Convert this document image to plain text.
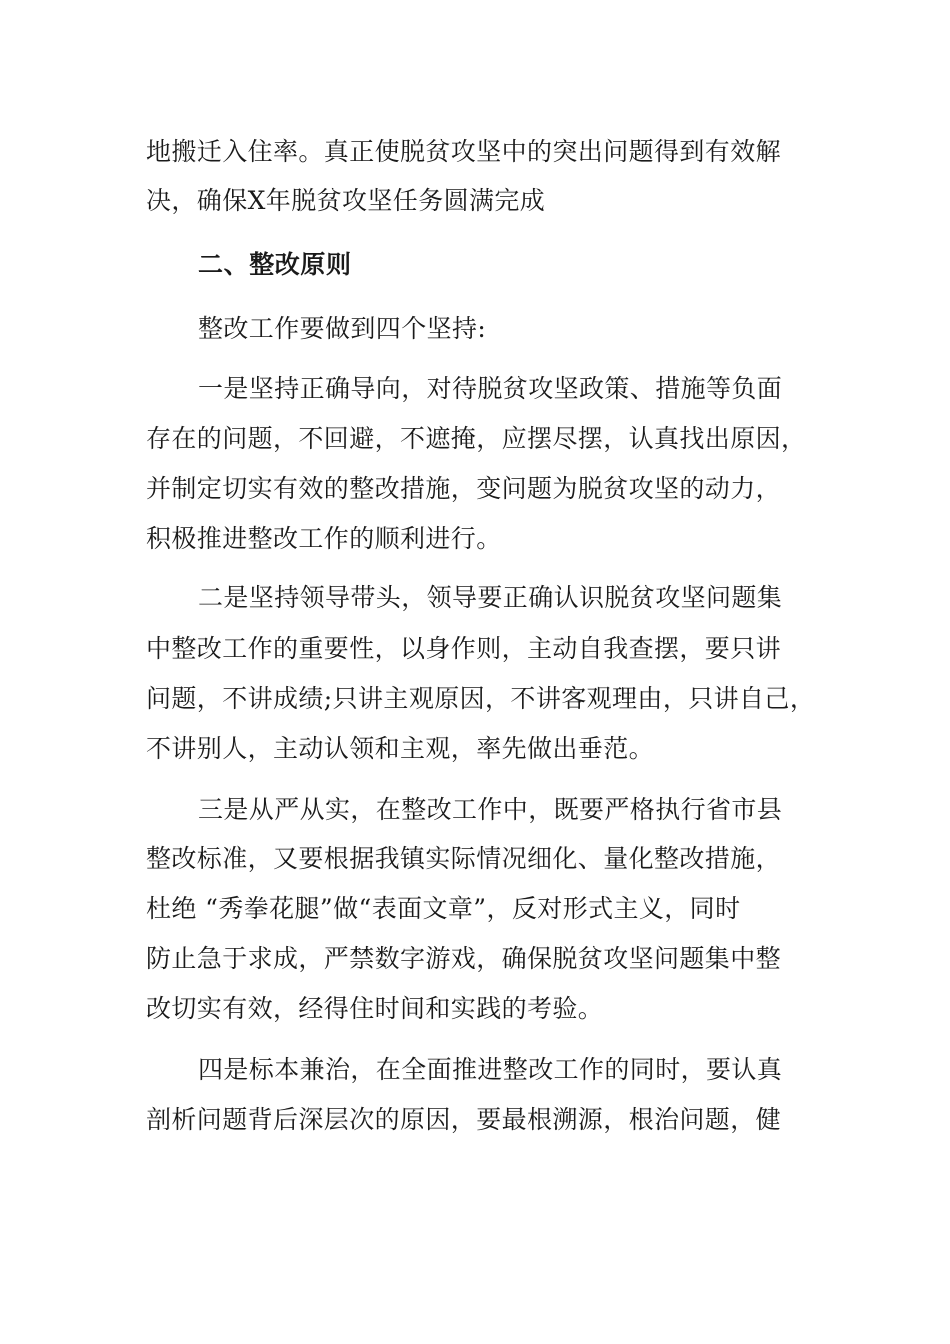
地搬迁入住率。真正使脱贫攻坚中的突出问题得到有效解
决，确保X年脱贫攻坚任务圆满完成
二、整改原则
整改工作要做到四个坚持:
一是坚持正确导向，对待脱贫攻坚政策、措施等负面
存在的问题，不回避，不遮掩，应摆尽摆，认真找出原因，
并制定切实有效的整改措施，变问题为脱贫攻坚的动力，
积极推进整改工作的顺利进行。
二是坚持领导带头，领导要正确认识脱贫攻坚问题集
中整改工作的重要性，以身作则，主动自我查摆，要只讲
问题，不讲成绩;只讲主观原因，不讲客观理由，只讲自己，
不讲别人，主动认领和主观，率先做出垂范。
三是从严从实，在整改工作中，既要严格执行省市县
整改标准，又要根据我镇实际情况细化、量化整改措施，
杜绝 “秀拳花腿”做“表面文章”，反对形式主义，同时
防止急于求成，严禁数字游戏，确保脱贫攻坚问题集中整
改切实有效，经得住时间和实践的考验。
四是标本兼治，在全面推进整改工作的同时，要认真
剖析问题背后深层次的原因，要最根溯源，根治问题，健
